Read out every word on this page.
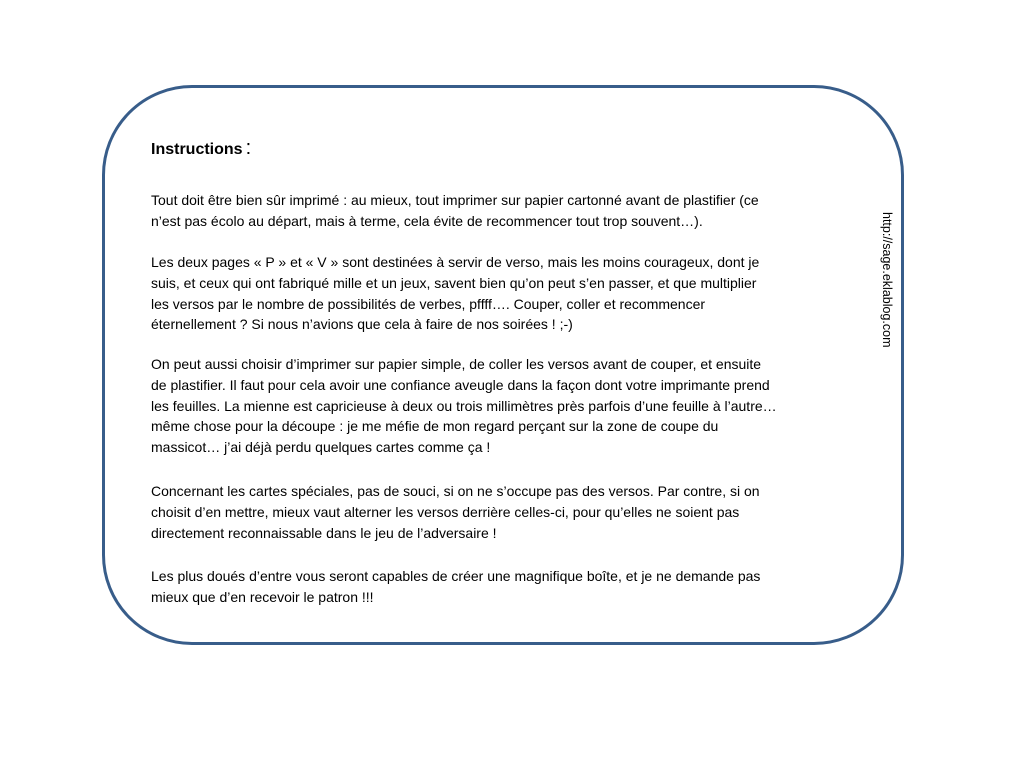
Instructions :

Tout doit être bien sûr imprimé : au mieux, tout imprimer sur papier cartonné avant de plastifier (ce
n’est pas écolo au départ, mais à terme, cela évite de recommencer tout trop souvent…).

Les deux pages « P » et « V » sont destinées à servir de verso, mais les moins courageux, dont je
suis, et ceux qui ont fabriqué mille et un jeux, savent bien qu’on peut s’en passer, et que multiplier
les versos par le nombre de possibilités de verbes, pffff…. Couper, coller et recommencer
éternellement ? Si nous n’avions que cela à faire de nos soirées ! ;-)

On peut aussi choisir d’imprimer sur papier simple, de coller les versos avant de couper, et ensuite
de plastifier. Il faut pour cela avoir une confiance aveugle dans la façon dont votre imprimante prend
les feuilles. La mienne est capricieuse à deux ou trois millimètres près parfois d’une feuille à l’autre…
même chose pour la découpe : je me méfie de mon regard perçant sur la zone de coupe du
massicot… j’ai déjà perdu quelques cartes comme ça !

Concernant les cartes spéciales, pas de souci, si on ne s’occupe pas des versos. Par contre, si on
choisit d’en mettre, mieux vaut alterner les versos derrière celles-ci, pour qu’elles ne soient pas
directement reconnaissable dans le jeu de l’adversaire !

Les plus doués d’entre vous seront capables de créer une magnifique boîte, et je ne demande pas
mieux que d’en recevoir le patron !!!

http://sage.eklablog.com
